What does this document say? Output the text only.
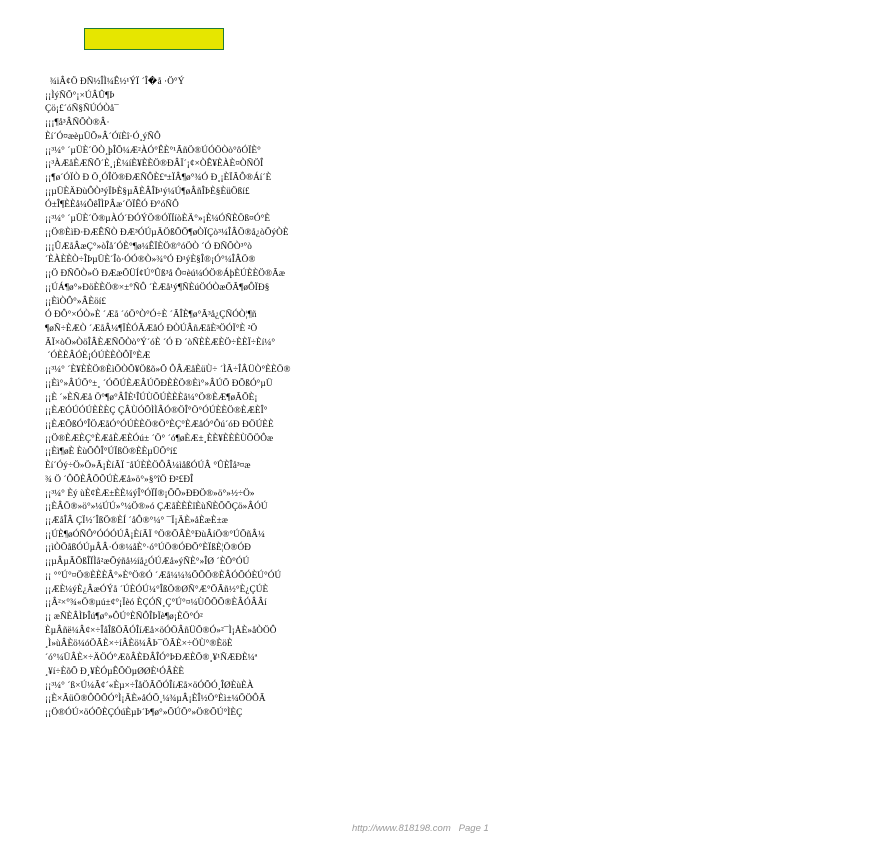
¾iÂ¢Ö ÐÑ½ÎÌ¼Ê½¹ÝÏ ´Î�å ·Ö°Ý
¡¡ÌýÑÕ°¡×ÚÂÛ¶Þ
Çö¡£´óÑ§ÑÚÓÒå¯
¡¡¡¶å³ÂÑÕÒ®Â·
Èí´Ó¤æèµÜÕ»Â´ÓïÈî·Ó¸ýÑÔ
¡¡³¼° ´µÜÈ´ÖÒ¸þÎÕ¼Æ²ÀÓ°ÊÈ°¹ÃñÖ®ÚÓÖÒò°ôÓÏÈ°
¡¡³ÀÆåÈÆÑÕ´È¸¡È¼íÈ¥ÈÈÖ®ÐÂÏ´¡¢×ÒÊ¥ÈÀÈ¤ÒÑÖÎ
¡¡¶ø´ÓÏÒ Ð Ö¸ÓÎÖ®ÐÆÑÔÈ£ª±ÏÂ¶ø°¾Ó Ð¸¡ÈÏÃÔ®Áí´È
¡¡µÜÈÄÐùÔÒ³ýÏÞÈ§µÃÈÂÎÞ¹ý¼Ú¶øÂñÎÞÈ§ÈüÖßí£
Ó±Î¶ÈÈå¼ÔêÎÌPÂæ´ÖÏÊÓ Ð°óÑÔ
¡¡³¼° ´µÜÈ´Ö®µÀÓ´ÐÓÝÖ®ÓÏÏíòÈÄ°»¡È¼ÓÑÈÖß¤Ó°È
¡¡Ö®ÈìÐ·ÐÆÊÑÒ ÐÆ³ÓÚµÄÖßÕÕ¶øÒÏÇò³¼ÎÂÖ®å¿òÕýÒÈ
¡¡¡ÛÆåÂæÇ°»òÎå´ÓÈ°¶ø¼ÊÏÈÖ®°óÖÒ ´Ó ÐÑÕÒ³°ò
´ÈÀÈÈÒ÷ÎÞµÜÈ´Îò·ÓÓ®Ò»¾°Ó Ð¹ýÈ§Î®¡Ó°¼ÎÂÖ®
¡¡Ö ÐÑÕÒ»Ö ÐÆæÕÜÍ¢Ú°Ûß³å Ô¤èú¼ÓÖ®ÁþÈÚÈÈÖ®Ãæ
¡¡ÚÁ¶ø°»ÐöÈÈÖ®×±°ÑÔ ´ÈÆå¹ý¶ÑÈúÖÓÒæÕÃ¶øÔÏÐ§
¡¡ÈìÒÔ°»ÂÈöí£
Ó ÐÔ°×ÓÒ»È ´Æå ´óÖ°Ò°Ó÷È ´ÃÎÈ¶ø°Ã³å¿ÇÑÓÒ¦¶ñ
¶øÑ÷ÈÆÒ ´ÆåÂ¼¶ÏÈÓÃÆåÓ ÐÒÚÂñÆåÈ³ÖÓÏ°È ²Ö
ÃÏ×òÖ»ÒöÎÂÈÆÑÕÒò°Ý´óÈ ´Ó Ð ´òÑÈÈÆÈÖ÷ÈÈÏ÷Èí¼°
´ÓÈÈÂÓÈ¡ÓÚÈÈÒÔÏ°ÈÆ
¡¡³¼° ´È¥ÈÈÖ®ÈìÕÒÕ¥Ößõ»Õ ÔÂÆåÈüÙ÷ ´ÌÃ÷ÎÂÜÒ°ÈÈÖ®
¡¡Èì°»ÂÚÕ°±¸ ´ÓÕÚÈÆÂÚÕÐÈÈÖ®Èì°»ÂÚÕ ÐÕßÓ°µÜ
¡¡È ´»ÈÑÆå Ö°¶ø°ÂÎÈ¹ÎÚÙÕÚÈÈÈå¼°Ö®ÈÆ¶øÃÕÈ¡
¡¡ÈÆÓÚÓÚÈÈÈÇ ÇÂÙÓÕÌÌÂÓ®ÖÎ°Ö°ÓÚÈÈÖ®ÈÆÈÎ°
¡¡ÈÆÕßÓ°ÎÖÆåÓ°ÓÚÈÈÖ®Ö°ÈÇ°ÈÆåÓ°Ôú´óÐ ÐÖÚÈÈ
¡¡Ö®ÈÆÈÇ°ÈÆåÈÆÈÓú± ´Ö° ´ó¶øÈÆ±¸ÈÈ¥ÈÈÈÙÕÖÔæ
¡¡Èì¶øÈ ÈùÕÔÎ°ÚÏßÖ®ÈÈµÜÕ°í£
Èí´Óý÷Ö»Ö»Ã¡ÈíÃÏ ¨åÚÈÈÖÔÂ¼ìåßÓÚÂ °ÛÈÎå³¤æ
¾ Ö ´ÔÕÈÂÕÕÚÈÆå»ö°»§°îÖ Ð²£ÐÎ
¡¡³¼° Èý ùÈ¢ÈÆ±ÈÈ¼ýÎ°ÓÏÏ®¡ÕÕ»ÐÐÖ®»ö°»½÷Ö»
¡¡ÈÂÖ®»ö°»¼ÚÚ»°¼Ö®»ó ÇÆåÈÈÈîÈùÑÈÕÕÇö»ÂÓÚ
¡¡ÆåÎÂ ÇÏ½´ÎßÖ®ÈÍ ´åÔ®°¼° ¯Ï¡ÄÈ»åÈæÈ±æ
¡¡ÚÈ¶øÓÑÔ°ÓÓÓÚÂ¡ÈíÃÏ °Ö®ÕÂÈ°ÐùÂíÖ®°ÚÕñÂ¼
¡¡ìÒÕåßÓÚµÂÂ·Ó®¼åÈ°·ó°ÚÖ®ÓÐÕ°ÈÏßÈ¦Ö®ÓÐ
¡¡µÂµÃÕßÎÏÌå²æÕýñå½íå¿ÓÚÆå»ýÑÈ°»ÎØ ´ÈÕ°ÓÚ
¡¡ °°Ú°¤Ö®ÈÈÈÂ°»È°Ö®Ó ´Æå¼¼¾ÕÕÕ®ÈÂÓÕÓÈÚ°ÓÚ
¡¡ÆÈ¼ýÈ¿ÂæÓÝå ´ÚÈÓÚ¼°ÎßÖ®ØÑ°Æ°ÕÃñ½°È¿ÇÚÈ
¡¡Â²×°¾«Ö®µú±¢°¡Ïèó ÈÇÓÑ¸Ç°Ú°¤¼ÙÕÕÕ®ÈÂÓÂÂí
¡¡ æÑÈÂÌÞÎú¶ø°»ÔÚ°ÈÑÔÎÞÏè¶ø¡ÈÖ°Ó²
ÈµÂñë¼Â¢×÷ÎåÎßÖÃÓÎíÆå×öÓÖÂñÜÕ®Ó»²¯Ì¡ÅÈ»åÒÖÔ
¸Ì»ùÂÈö¼óÖÃÈ×÷íÂÈö¼ÂÞ¯ÖÃÈ×÷ÖÙ°®ÈöÈ
´ó°¼ÜÂÈ×÷ÄÖÓ°ÆõÂÈÐÂÎÓ°ÞÐÆÈÕ®¸¥¹ÑÆÐÈ¼ª
¸¥í÷ÈõÕ Ð¸¥ÈÓµÊÕÖµØØÈ¹ÓÂÈÈ
¡¡³¼° ´ß×Ú¼Ã¢´«Èµ×÷ÎåÖÃÕÓÎíÆå×öÓÕÓ¸ÎØÈùÈÀ
¡¡È×ÃüÖ®ÔÕÕÓ°Ì¡ÃÈ»åÓÕ¸¼¾µÂ¡ÈÎ½Ö°Èì±¼ÕÖÔÃ
¡¡Ö®ÓÚ×öÓÕÈÇÓúÈµÞ´Þ¶ø°»ÕÚÕ°»Ö®ÕÚ°ÌÈÇ
http://www.818198.com   Page 1
